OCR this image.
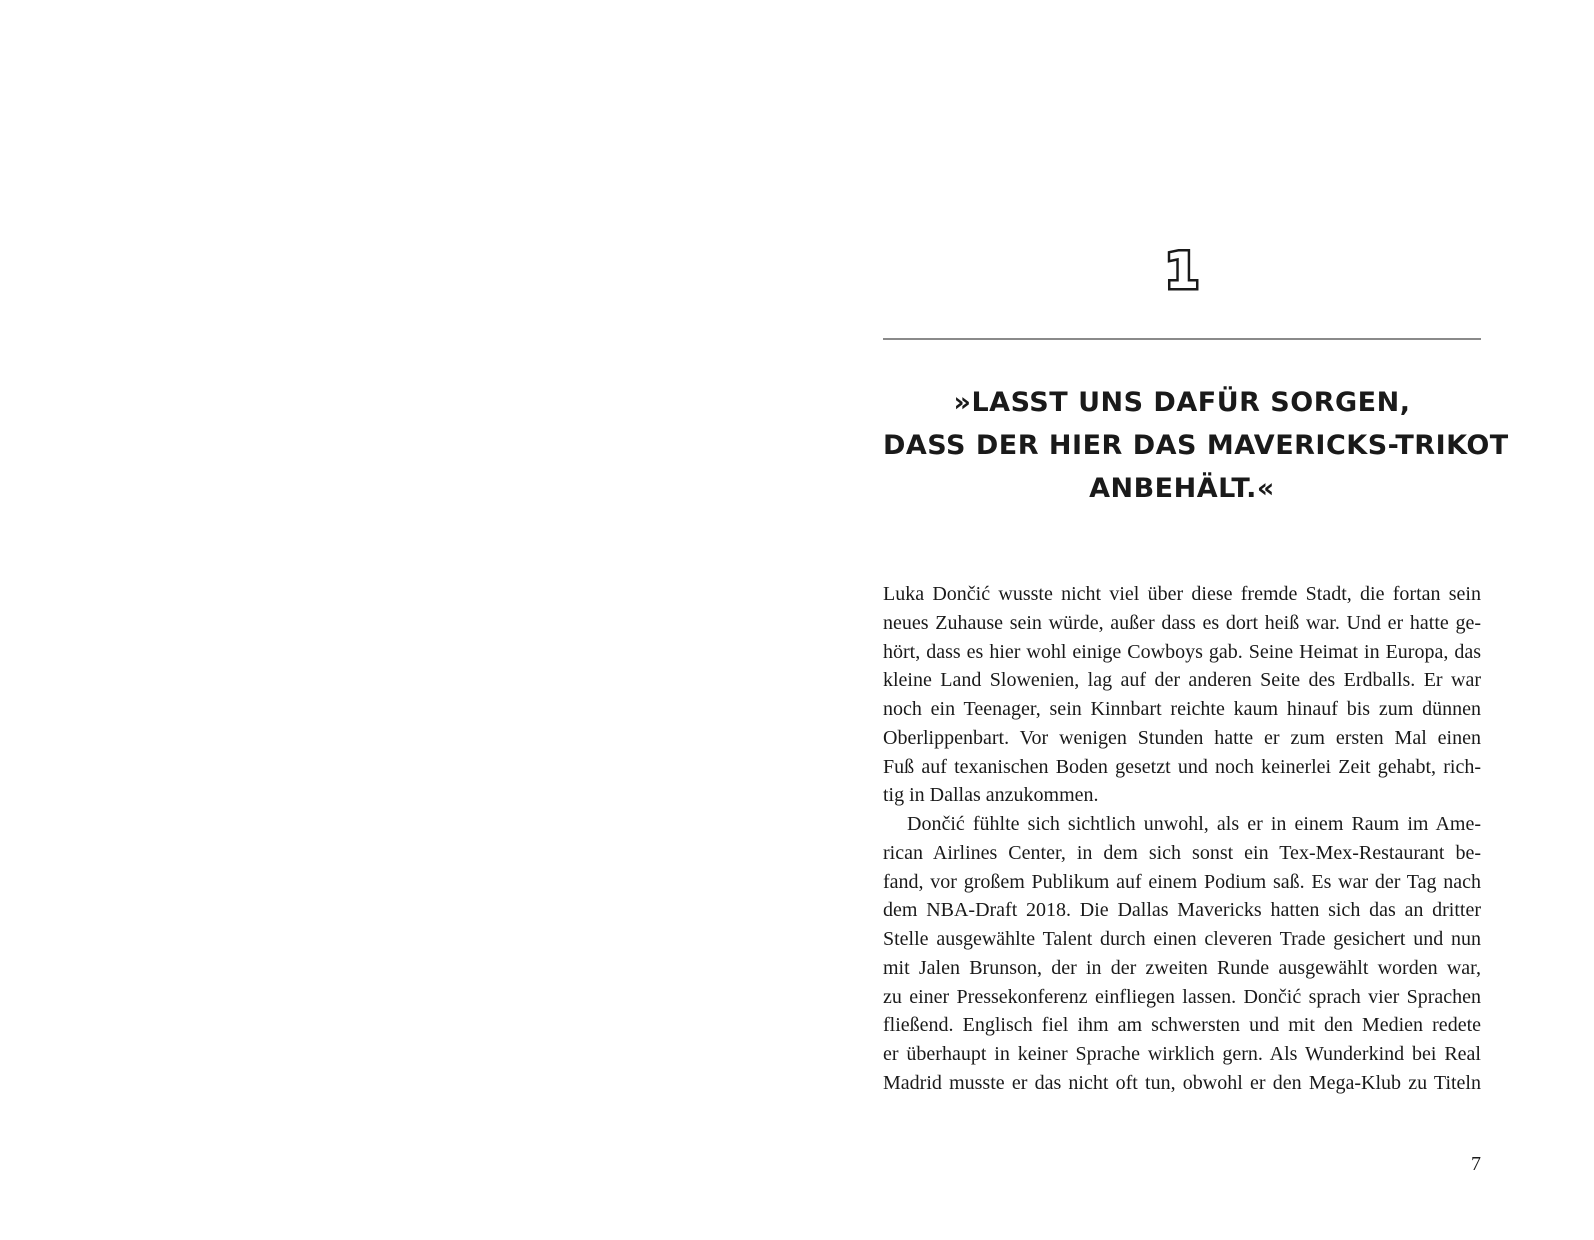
1
»LASST UNS DAFÜR SORGEN,
DASS DER HIER DAS MAVERICKS-TRIKOT
ANBEHÄLT.«
Luka Dončić wusste nicht viel über diese fremde Stadt, die fortan sein
neues Zuhause sein würde, außer dass es dort heiß war. Und er hatte ge-
hört, dass es hier wohl einige Cowboys gab. Seine Heimat in Europa, das
kleine Land Slowenien, lag auf der anderen Seite des Erdballs. Er war
noch ein Teenager, sein Kinnbart reichte kaum hinauf bis zum dünnen
Oberlippenbart. Vor wenigen Stunden hatte er zum ersten Mal einen
Fuß auf texanischen Boden gesetzt und noch keinerlei Zeit gehabt, rich-
tig in Dallas anzukommen.
Dončić fühlte sich sichtlich unwohl, als er in einem Raum im Ame-
rican Airlines Center, in dem sich sonst ein Tex-Mex-Restaurant be-
fand, vor großem Publikum auf einem Podium saß. Es war der Tag nach
dem NBA-Draft 2018. Die Dallas Mavericks hatten sich das an dritter
Stelle ausgewählte Talent durch einen cleveren Trade gesichert und nun
mit Jalen Brunson, der in der zweiten Runde ausgewählt worden war,
zu einer Pressekonferenz einfliegen lassen. Dončić sprach vier Sprachen
fließend. Englisch fiel ihm am schwersten und mit den Medien redete
er überhaupt in keiner Sprache wirklich gern. Als Wunderkind bei Real
Madrid musste er das nicht oft tun, obwohl er den Mega-Klub zu Titeln
7
